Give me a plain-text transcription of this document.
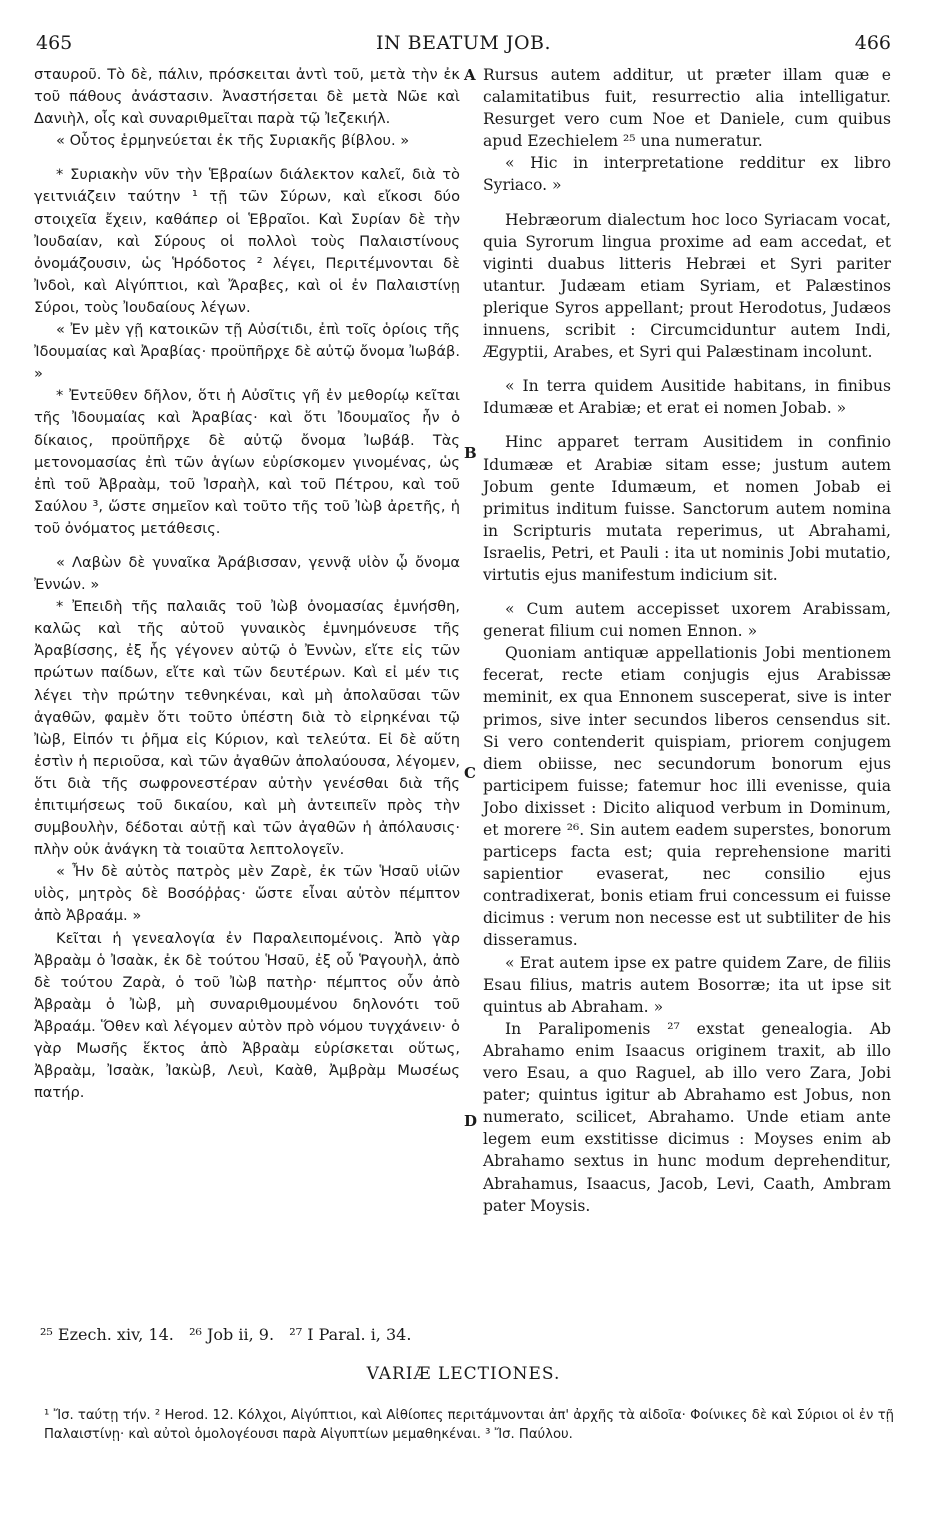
465	IN BEATUM JOB.	466

σταυροῦ. Τὸ δὲ, πάλιν, πρόσκειται ἀντὶ τοῦ, μετὰ τὴν ἐκ τοῦ πάθους ἀνάστασιν. Ἀναστήσεται δὲ μετὰ Νῶε καὶ Δανιὴλ, οἷς καὶ συναριθμεῖται παρὰ τῷ Ἰεζεκιήλ.

« Οὗτος ἑρμηνεύεται ἐκ τῆς Συριακῆς βίβλου. »

* Συριακὴν νῦν τὴν Ἑβραίων διάλεκτον καλεῖ, διὰ τὸ γειτνιάζειν ταύτην ¹ τῇ τῶν Σύρων, καὶ εἴκοσι δύο στοιχεῖα ἔχειν, καθάπερ οἱ Ἑβραῖοι. Καὶ Συρίαν δὲ τὴν Ἰουδαίαν, καὶ Σύρους οἱ πολλοὶ τοὺς Παλαιστίνους ὀνομάζουσιν, ὡς Ἡρόδοτος ² λέγει, Περιτέμνονται δὲ Ἰνδοὶ, καὶ Αἰγύπτιοι, καὶ Ἄραβες, καὶ οἱ ἐν Παλαιστίνῃ Σύροι, τοὺς Ἰουδαίους λέγων.

« Ἐν μὲν γῇ κατοικῶν τῇ Αὐσίτιδι, ἐπὶ τοῖς ὁρίοις τῆς Ἰδουμαίας καὶ Ἀραβίας· προϋπῆρχε δὲ αὐτῷ ὄνομα Ἰωβάβ. »

* Ἐντεῦθεν δῆλον, ὅτι ἡ Αὐσῖτις γῆ ἐν μεθορίῳ κεῖται τῆς Ἰδουμαίας καὶ Ἀραβίας· καὶ ὅτι Ἰδουμαῖος ἦν ὁ δίκαιος, προϋπῆρχε δὲ αὐτῷ ὄνομα Ἰωβάβ. Τὰς μετονομασίας ἐπὶ τῶν ἁγίων εὑρίσκομεν γινομένας, ὡς ἐπὶ τοῦ Ἀβραὰμ, τοῦ Ἰσραὴλ, καὶ τοῦ Πέτρου, καὶ τοῦ Σαύλου ³, ὥστε σημεῖον καὶ τοῦτο τῆς τοῦ Ἰὼβ ἀρετῆς, ἡ τοῦ ὀνόματος μετάθεσις.

« Λαβὼν δὲ γυναῖκα Ἀράβισσαν, γεννᾷ υἱὸν ᾧ ὄνομα Ἐννών. »

* Ἐπειδὴ τῆς παλαιᾶς τοῦ Ἰὼβ ὀνομασίας ἐμνήσθη, καλῶς καὶ τῆς αὐτοῦ γυναικὸς ἐμνημόνευσε τῆς Ἀραβίσσης, ἐξ ἧς γέγονεν αὐτῷ ὁ Ἐννὼν, εἴτε εἰς τῶν πρώτων παίδων, εἴτε καὶ τῶν δευτέρων. Καὶ εἰ μέν τις λέγει τὴν πρώτην τεθνηκέναι, καὶ μὴ ἀπολαῦσαι τῶν ἀγαθῶν, φαμὲν ὅτι τοῦτο ὑπέστη διὰ τὸ εἰρηκέναι τῷ Ἰὼβ, Εἰπόν τι ῥῆμα εἰς Κύριον, καὶ τελεύτα. Εἰ δὲ αὕτη ἐστὶν ἡ περιοῦσα, καὶ τῶν ἀγαθῶν ἀπολαύουσα, λέγομεν, ὅτι διὰ τῆς σωφρονεστέραν αὐτὴν γενέσθαι διὰ τῆς ἐπιτιμήσεως τοῦ δικαίου, καὶ μὴ ἀντειπεῖν πρὸς τὴν συμβουλὴν, δέδοται αὐτῇ καὶ τῶν ἀγαθῶν ἡ ἀπόλαυσις· πλὴν οὐκ ἀνάγκη τὰ τοιαῦτα λεπτολογεῖν.

« Ἦν δὲ αὐτὸς πατρὸς μὲν Ζαρὲ, ἐκ τῶν Ἡσαῦ υἱῶν υἱὸς, μητρὸς δὲ Βοσόῤῥας· ὥστε εἶναι αὐτὸν πέμπτον ἀπὸ Ἀβραάμ. »

Κεῖται ἡ γενεαλογία ἐν Παραλειπομένοις. Ἀπὸ γὰρ Ἀβραὰμ ὁ Ἰσαὰκ, ἐκ δὲ τούτου Ἡσαῦ, ἐξ οὗ Ῥαγουὴλ, ἀπὸ δὲ τούτου Ζαρὰ, ὁ τοῦ Ἰὼβ πατὴρ· πέμπτος οὖν ἀπὸ Ἀβραὰμ ὁ Ἰὼβ, μὴ συναριθμουμένου δηλονότι τοῦ Ἀβραάμ. Ὅθεν καὶ λέγομεν αὐτὸν πρὸ νόμου τυγχάνειν· ὁ γὰρ Μωσῆς ἕκτος ἀπὸ Ἀβραὰμ εὑρίσκεται οὕτως, Ἀβραὰμ, Ἰσαὰκ, Ἰακὼβ, Λευὶ, Καὰθ, Ἀμβρὰμ Μωσέως πατήρ.

A
B
C
D

Rursus autem additur, ut præter illam quæ e calamitatibus fuit, resurrectio alia intelligatur. Resurget vero cum Noe et Daniele, cum quibus apud Ezechielem ²⁵ una numeratur.

« Hic in interpretatione redditur ex libro Syriaco. »

Hebræorum dialectum hoc loco Syriacam vocat, quia Syrorum lingua proxime ad eam accedat, et viginti duabus litteris Hebræi et Syri pariter utantur. Judæam etiam Syriam, et Palæstinos plerique Syros appellant; prout Herodotus, Judæos innuens, scribit : Circumciduntur autem Indi, Ægyptii, Arabes, et Syri qui Palæstinam incolunt.

« In terra quidem Ausitide habitans, in finibus Idumææ et Arabiæ; et erat ei nomen Jobab. »

Hinc apparet terram Ausitidem in confinio Idumææ et Arabiæ sitam esse; justum autem Jobum gente Idumæum, et nomen Jobab ei primitus inditum fuisse. Sanctorum autem nomina in Scripturis mutata reperimus, ut Abrahami, Israelis, Petri, et Pauli : ita ut nominis Jobi mutatio, virtutis ejus manifestum indicium sit.

« Cum autem accepisset uxorem Arabissam, generat filium cui nomen Ennon. »

Quoniam antiquæ appellationis Jobi mentionem fecerat, recte etiam conjugis ejus Arabissæ meminit, ex qua Ennonem susceperat, sive is inter primos, sive inter secundos liberos censendus sit. Si vero contenderit quispiam, priorem conjugem diem obiisse, nec secundorum bonorum ejus participem fuisse; fatemur hoc illi evenisse, quia Jobo dixisset : Dicito aliquod verbum in Dominum, et morere ²⁶. Sin autem eadem superstes, bonorum particeps facta est; quia reprehensione mariti sapientior evaserat, nec consilio ejus contradixerat, bonis etiam frui concessum ei fuisse dicimus : verum non necesse est ut subtiliter de his disseramus.

« Erat autem ipse ex patre quidem Zare, de filiis Esau filius, matris autem Bosorræ; ita ut ipse sit quintus ab Abraham. »

In Paralipomenis ²⁷ exstat genealogia. Ab Abrahamo enim Isaacus originem traxit, ab illo vero Esau, a quo Raguel, ab illo vero Zara, Jobi pater; quintus igitur ab Abrahamo est Jobus, non numerato, scilicet, Abrahamo. Unde etiam ante legem eum exstitisse dicimus : Moyses enim ab Abrahamo sextus in hunc modum deprehenditur, Abrahamus, Isaacus, Jacob, Levi, Caath, Ambram pater Moysis.

²⁵ Ezech. xiv, 14.   ²⁶ Job ii, 9.   ²⁷ I Paral. i, 34.
VARIÆ LECTIONES.
¹ Ἴσ. ταύτῃ τήν. ² Herod. 12. Κόλχοι, Αἰγύπτιοι, καὶ Αἰθίοπες περιτάμνονται ἀπ' ἀρχῆς τὰ αἰδοῖα· Φοίνικες δὲ καὶ Σύριοι οἱ ἐν τῇ Παλαιστίνῃ· καὶ αὐτοὶ ὁμολογέουσι παρὰ Αἰγυπτίων μεμαθηκέναι. ³ Ἴσ. Παύλου.
